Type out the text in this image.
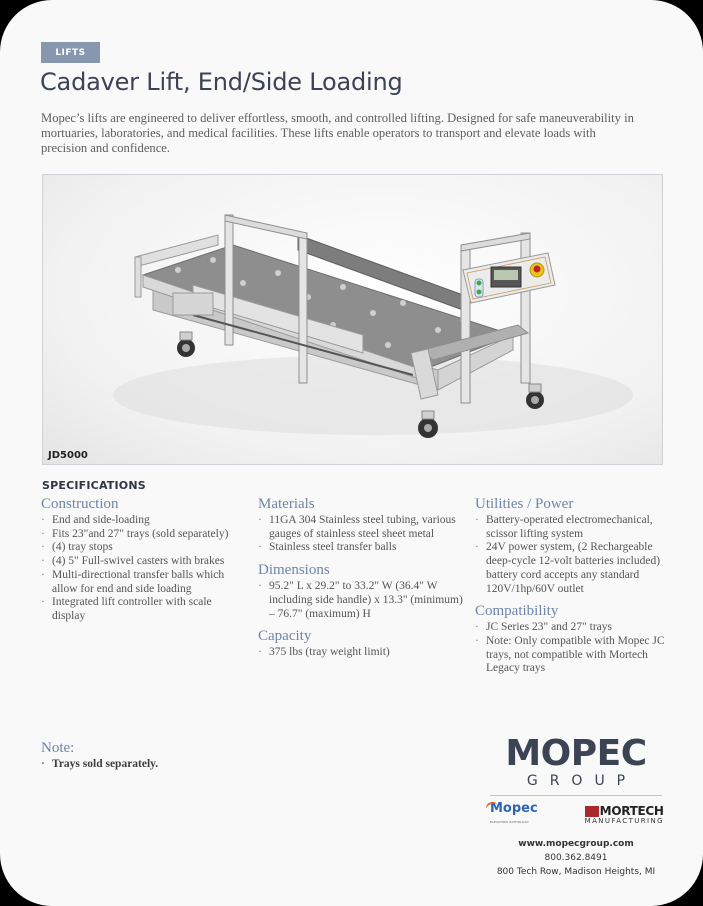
LIFTS
Cadaver Lift, End/Side Loading

Mopec’s lifts are engineered to deliver effortless, smooth, and controlled lifting. Designed for safe maneuverability in mortuaries, laboratories, and medical facilities. These lifts enable operators to transport and elevate loads with precision and confidence.

JD5000
SPECIFICATIONS
Construction
· End and side-loading
· Fits 23"and 27" trays (sold separately)
· (4) tray stops
· (4) 5" Full-swivel casters with brakes
· Multi-directional transfer balls which allow for end and side loading
· Integrated lift controller with scale display
Materials
· 11GA 304 Stainless steel tubing, various gauges of stainless steel sheet metal
· Stainless steel transfer balls
Dimensions
· 95.2" L x 29.2" to 33.2" W (36.4" W including side handle) x 13.3" (minimum) – 76.7" (maximum) H
Capacity
· 375 lbs (tray weight limit)
Utilities / Power
· Battery-operated electromechanical, scissor lifting system
· 24V power system, (2 Rechargeable deep-cycle 12-volt batteries included) battery cord accepts any standard 120V/1hp/60V outlet
Compatibility
· JC Series 23" and 27" trays
· Note: Only compatible with Mopec JC trays, not compatible with Mortech Legacy trays
Note:
· Trays sold separately.	MOPEC
GROUP
Mopec
ELEVATING PATHOLOGY
MORTECH
MANUFACTURING
www.mopecgroup.com
800.362.8491
800 Tech Row, Madison Heights, MI
